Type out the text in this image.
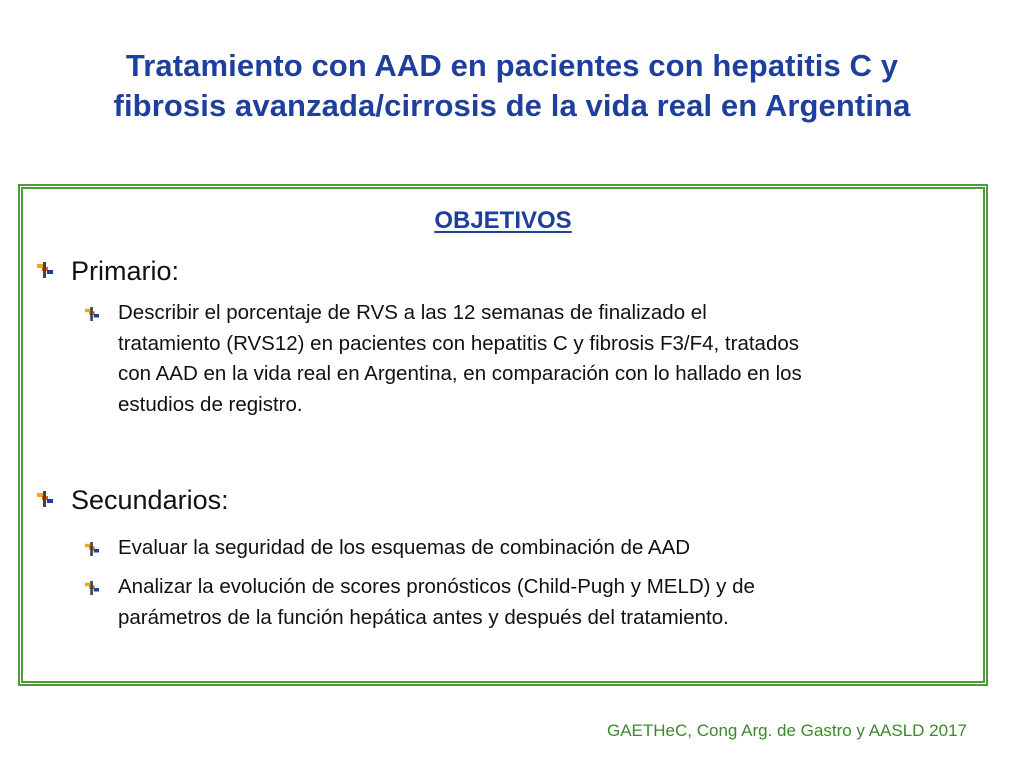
Tratamiento con AAD en pacientes con hepatitis C y
fibrosis avanzada/cirrosis de la vida real en Argentina
OBJETIVOS
Primario:
Describir el porcentaje de RVS a las 12 semanas de finalizado el
tratamiento (RVS12) en pacientes con hepatitis C y fibrosis F3/F4, tratados
con AAD en la vida real en Argentina, en comparación con lo hallado en los
estudios de registro.
Secundarios:
Evaluar la seguridad de los esquemas de combinación de AAD
Analizar la evolución de scores pronósticos (Child-Pugh y MELD) y de
parámetros de la función hepática antes y después del tratamiento.
GAETHeC, Cong Arg. de Gastro y AASLD 2017
